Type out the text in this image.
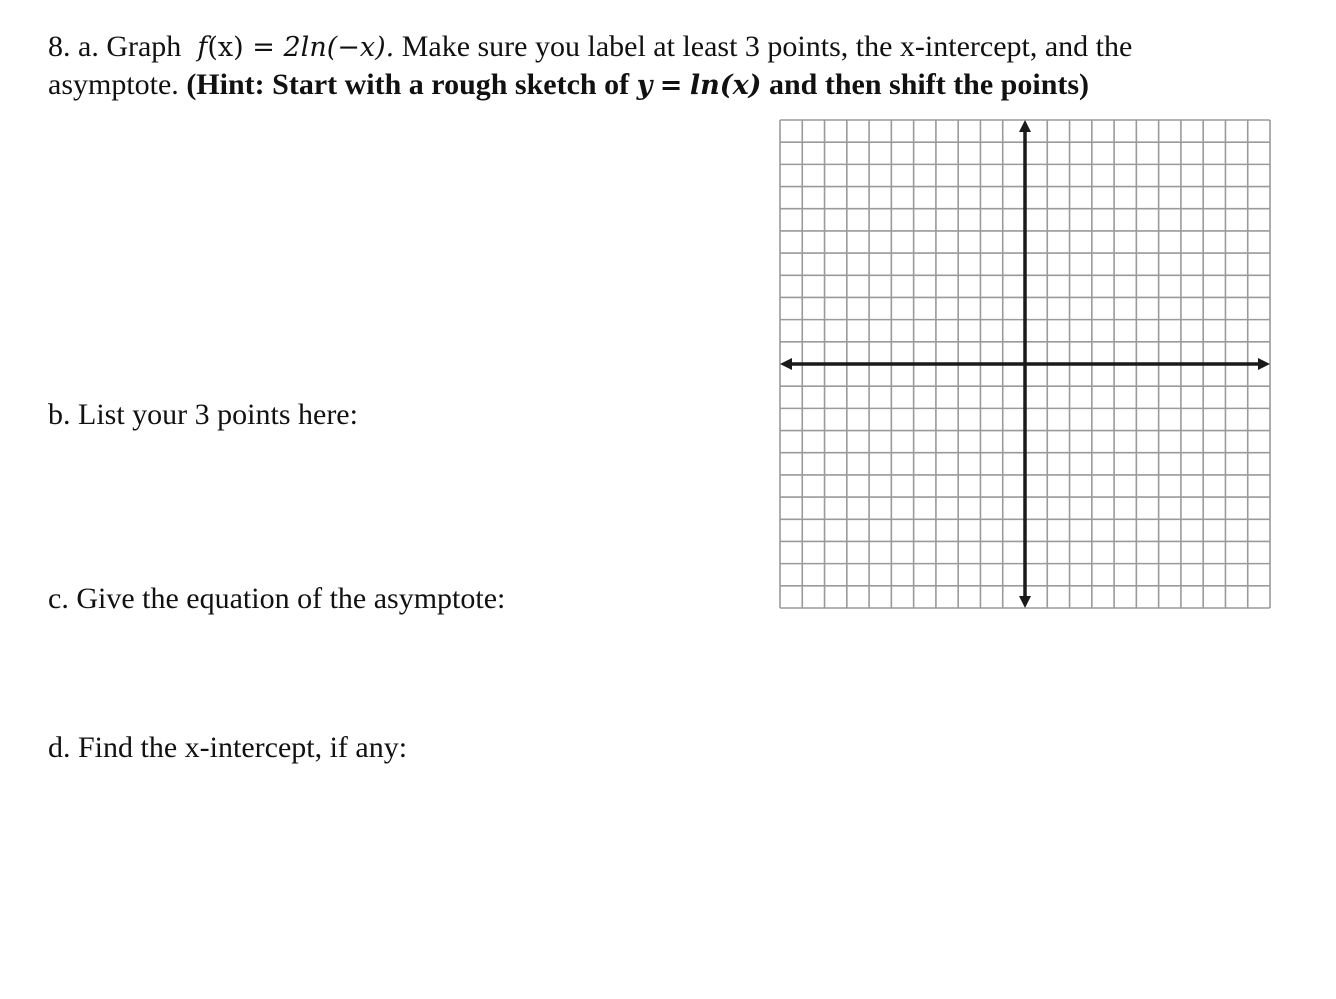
8. a. Graph f(x) = 2ln(−x). Make sure you label at least 3 points, the x-intercept, and the asymptote. (Hint: Start with a rough sketch of y = ln(x) and then shift the points)
b. List your 3 points here:
c. Give the equation of the asymptote:
d. Find the x-intercept, if any:
